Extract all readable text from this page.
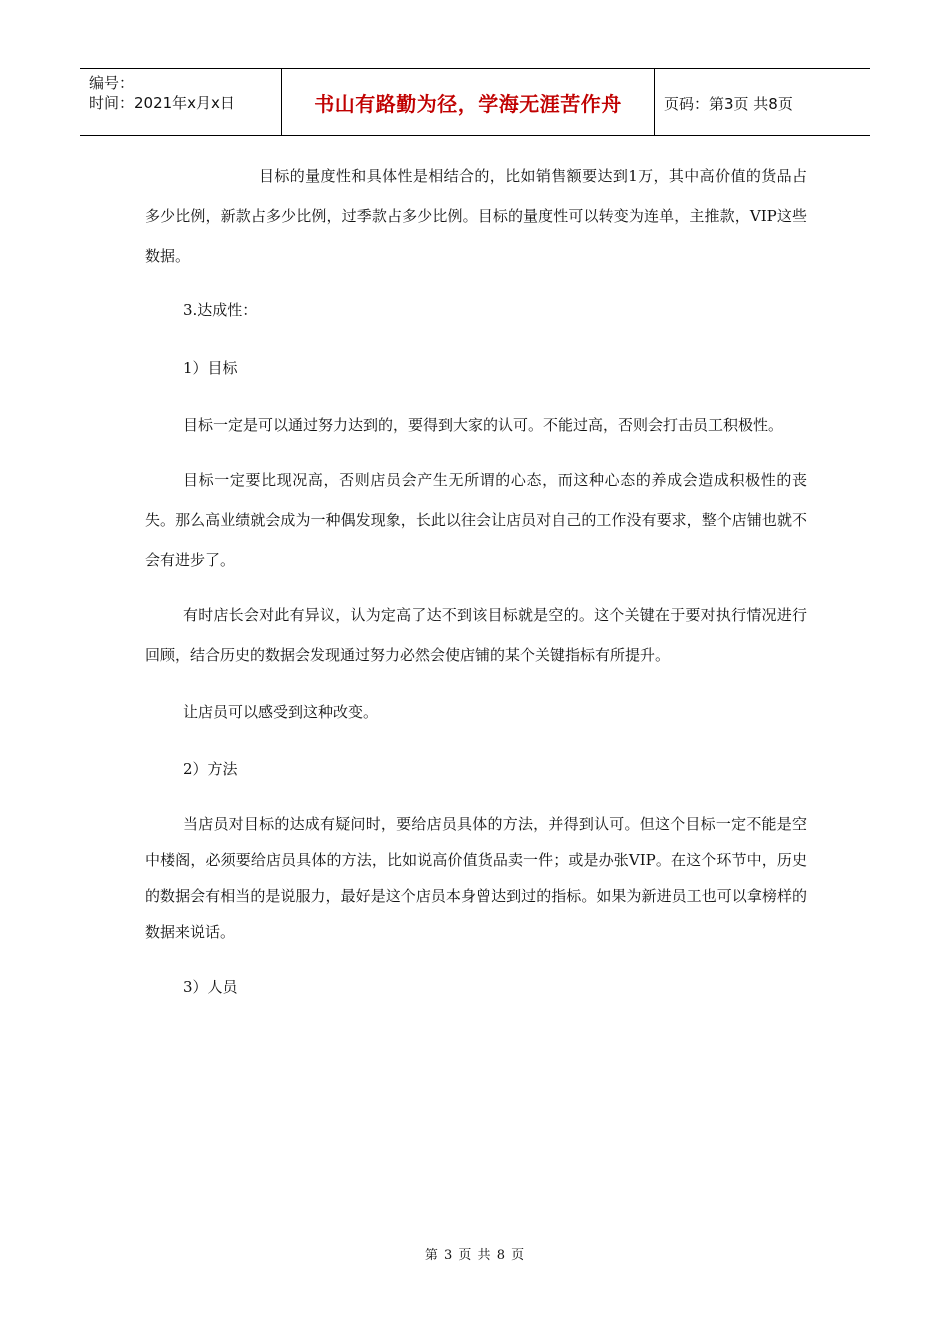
编号：
时间：2021年x月x日	书山有路勤为径，学海无涯苦作舟	页码：第3页 共8页

目标的量度性和具体性是相结合的，比如销售额要达到1万，其中高价值的货品占多少比例，新款占多少比例，过季款占多少比例。目标的量度性可以转变为连单，主推款，VIP这些数据。

3.达成性：

1）目标

目标一定是可以通过努力达到的，要得到大家的认可。不能过高，否则会打击员工积极性。

目标一定要比现况高，否则店员会产生无所谓的心态，而这种心态的养成会造成积极性的丧失。那么高业绩就会成为一种偶发现象，长此以往会让店员对自己的工作没有要求，整个店铺也就不会有进步了。

有时店长会对此有异议，认为定高了达不到该目标就是空的。这个关键在于要对执行情况进行回顾，结合历史的数据会发现通过努力必然会使店铺的某个关键指标有所提升。

让店员可以感受到这种改变。

2）方法

当店员对目标的达成有疑问时，要给店员具体的方法，并得到认可。但这个目标一定不能是空中楼阁，必须要给店员具体的方法，比如说高价值货品卖一件；或是办张VIP。在这个环节中，历史的数据会有相当的是说服力，最好是这个店员本身曾达到过的指标。如果为新进员工也可以拿榜样的数据来说话。

3）人员

第 3 页 共 8 页
